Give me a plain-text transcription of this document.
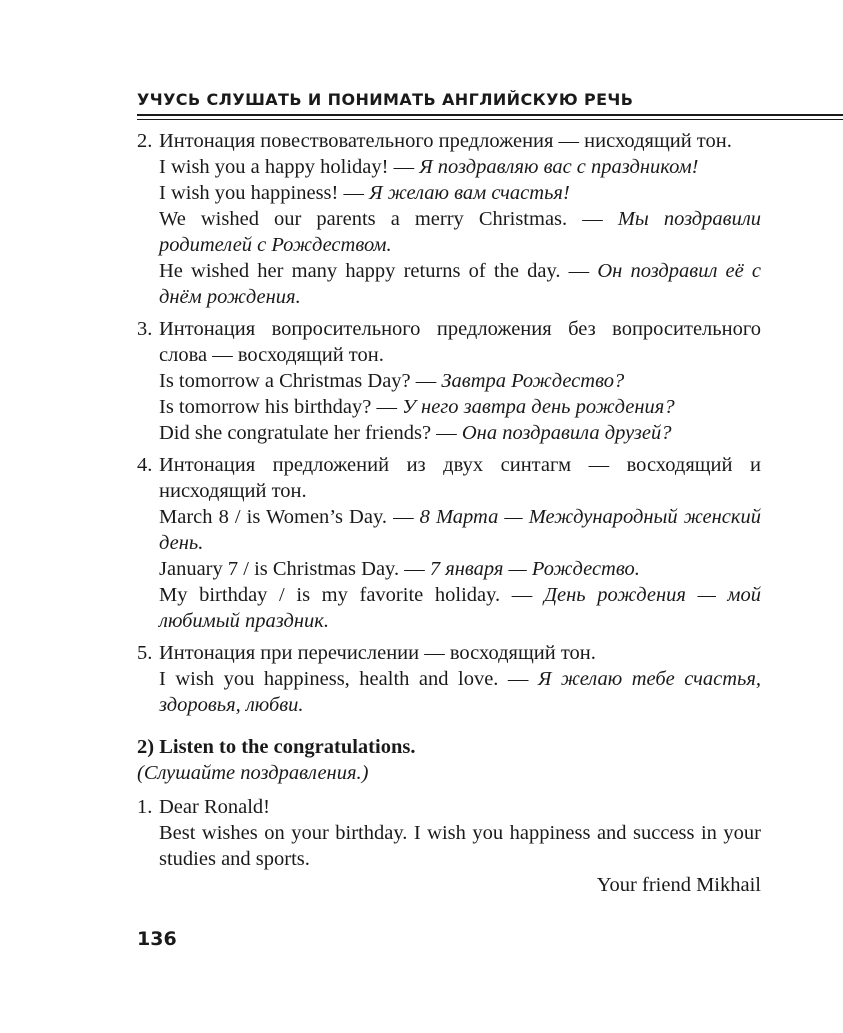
УЧУСЬ СЛУШАТЬ И ПОНИМАТЬ АНГЛИЙСКУЮ РЕЧЬ
2. Интонация повествовательного предложения — нисходящий тон.
I wish you a happy holiday! — Я поздравляю вас с праздником!
I wish you happiness! — Я желаю вам счастья!
We wished our parents a merry Christmas. — Мы поздравили родителей с Рождеством.
He wished her many happy returns of the day. — Он поздравил её с днём рождения.
3. Интонация вопросительного предложения без вопросительного слова — восходящий тон.
Is tomorrow a Christmas Day? — Завтра Рождество?
Is tomorrow his birthday? — У него завтра день рождения?
Did she congratulate her friends? — Она поздравила друзей?
4. Интонация предложений из двух синтагм — восходящий и нисходящий тон.
March 8 / is Women’s Day. — 8 Марта — Международный женский день.
January 7 / is Christmas Day. — 7 января — Рождество.
My birthday / is my favorite holiday. — День рождения — мой любимый праздник.
5. Интонация при перечислении — восходящий тон.
I wish you happiness, health and love. — Я желаю тебе счастья, здоровья, любви.
2) Listen to the congratulations.
(Слушайте поздравления.)
1. Dear Ronald!
Best wishes on your birthday. I wish you happiness and success in your studies and sports.
Your friend Mikhail
136
